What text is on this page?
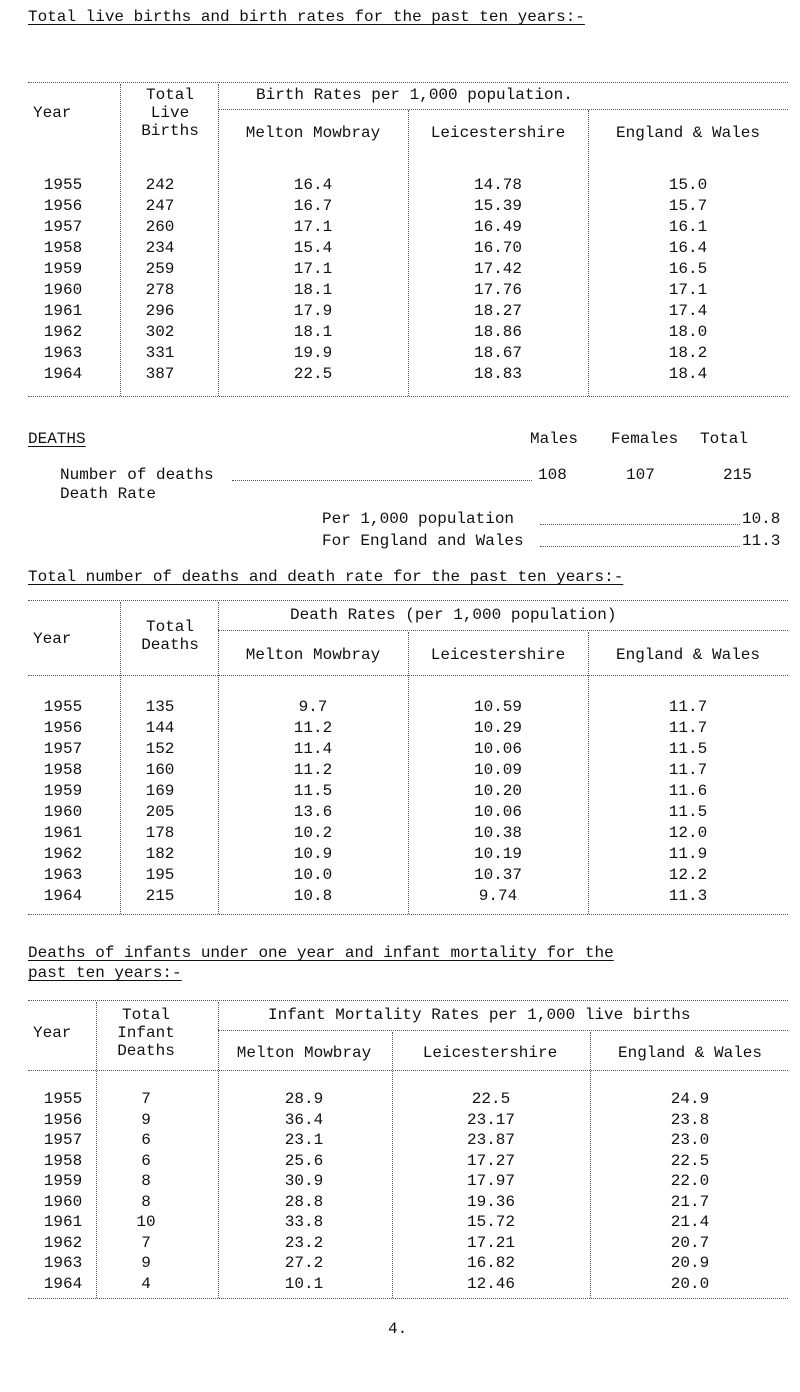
Total live births and birth rates for the past ten years:-
Year
Total
Live
Births
Birth Rates per 1,000 population.
Melton Mowbray	Leicestershire	England & Wales
1955	242	16.4	14.78	15.0
1956	247	16.7	15.39	15.7
1957	260	17.1	16.49	16.1
1958	234	15.4	16.70	16.4
1959	259	17.1	17.42	16.5
1960	278	18.1	17.76	17.1
1961	296	17.9	18.27	17.4
1962	302	18.1	18.86	18.0
1963	331	19.9	18.67	18.2
1964	387	22.5	18.83	18.4
DEATHS	Males Females Total
Number of deaths	108	107	215
Death Rate
Per 1,000 population	10.8
For England and Wales	11.3
Total number of deaths and death rate for the past ten years:-
Year
Total
Deaths
Death Rates (per 1,000 population)
Melton Mowbray	Leicestershire	England & Wales
1955	135	9.7	10.59	11.7
1956	144	11.2	10.29	11.7
1957	152	11.4	10.06	11.5
1958	160	11.2	10.09	11.7
1959	169	11.5	10.20	11.6
1960	205	13.6	10.06	11.5
1961	178	10.2	10.38	12.0
1962	182	10.9	10.19	11.9
1963	195	10.0	10.37	12.2
1964	215	10.8	9.74	11.3
Deaths of infants under one year and infant mortality for the
past ten years:-
Year
Total
Infant
Deaths
Infant Mortality Rates per 1,000 live births
Melton Mowbray	Leicestershire	England & Wales
1955	7	28.9	22.5	24.9
1956	9	36.4	23.17	23.8
1957	6	23.1	23.87	23.0
1958	6	25.6	17.27	22.5
1959	8	30.9	17.97	22.0
1960	8	28.8	19.36	21.7
1961	10	33.8	15.72	21.4
1962	7	23.2	17.21	20.7
1963	9	27.2	16.82	20.9
1964	4	10.1	12.46	20.0
4.
